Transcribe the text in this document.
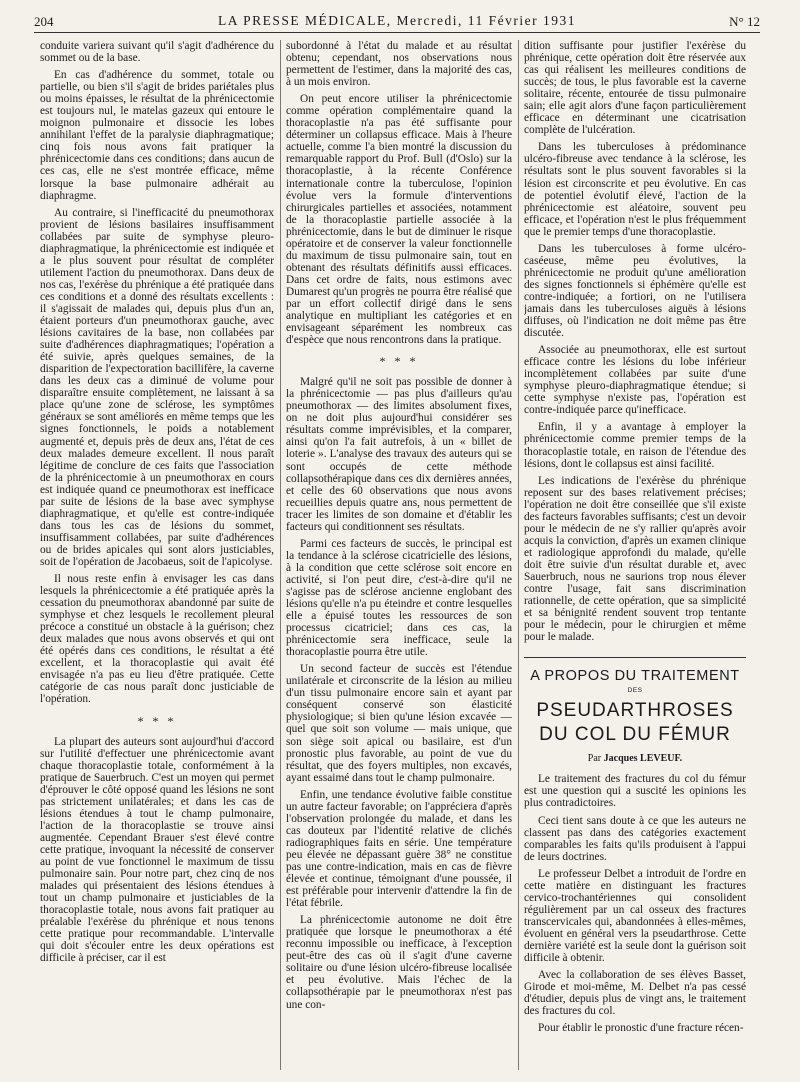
204	LA PRESSE MÉDICALE, Mercredi, 11 Février 1931	N° 12

conduite variera suivant qu'il s'agit d'adhérence du sommet ou de la base.

En cas d'adhérence du sommet, totale ou partielle, ou bien s'il s'agit de brides pariétales plus ou moins épaisses, le résultat de la phrénicectomie est toujours nul, le matelas gazeux qui entoure le moignon pulmonaire et dissocie les lobes annihilant l'effet de la paralysie diaphragmatique; cinq fois nous avons fait pratiquer la phrénicectomie dans ces conditions; dans aucun de ces cas, elle ne s'est montrée efficace, même lorsque la base pulmonaire adhérait au diaphragme.

Au contraire, si l'inefficacité du pneumothorax provient de lésions basilaires insuffisamment collabées par suite de symphyse pleuro-diaphragmatique, la phrénicectomie est indiquée et a le plus souvent pour résultat de compléter utilement l'action du pneumothorax. Dans deux de nos cas, l'exérèse du phrénique a été pratiquée dans ces conditions et a donné des résultats excellents : il s'agissait de malades qui, depuis plus d'un an, étaient porteurs d'un pneumothorax gauche, avec lésions cavitaires de la base, non collabées par suite d'adhérences diaphragmatiques; l'opération a été suivie, après quelques semaines, de la disparition de l'expectoration bacillifère, la caverne dans les deux cas a diminué de volume pour disparaître ensuite complètement, ne laissant à sa place qu'une zone de sclérose, les symptômes généraux se sont améliorés en même temps que les signes fonctionnels, le poids a notablement augmenté et, depuis près de deux ans, l'état de ces deux malades demeure excellent. Il nous paraît légitime de conclure de ces faits que l'association de la phrénicectomie à un pneumothorax en cours est indiquée quand ce pneumothorax est inefficace par suite de lésions de la base avec symphyse diaphragmatique, et qu'elle est contre-indiquée dans tous les cas de lésions du sommet, insuffisamment collabées, par suite d'adhérences ou de brides apicales qui sont alors justiciables, soit de l'opération de Jacobaeus, soit de l'apicolyse.

Il nous reste enfin à envisager les cas dans lesquels la phrénicectomie a été pratiquée après la cessation du pneumothorax abandonné par suite de symphyse et chez lesquels le recollement pleural précoce a constitué un obstacle à la guérison; chez deux malades que nous avons observés et qui ont été opérés dans ces conditions, le résultat a été excellent, et la thoracoplastie qui avait été envisagée n'a pas eu lieu d'être pratiquée. Cette catégorie de cas nous paraît donc justiciable de l'opération.

* * *

La plupart des auteurs sont aujourd'hui d'accord sur l'utilité d'effectuer une phrénicectomie avant chaque thoracoplastie totale, conformément à la pratique de Sauerbruch. C'est un moyen qui permet d'éprouver le côté opposé quand les lésions ne sont pas strictement unilatérales; et dans les cas de lésions étendues à tout le champ pulmonaire, l'action de la thoracoplastie se trouve ainsi augmentée. Cependant Brauer s'est élevé contre cette pratique, invoquant la nécessité de conserver au point de vue fonctionnel le maximum de tissu pulmonaire sain. Pour notre part, chez cinq de nos malades qui présentaient des lésions étendues à tout un champ pulmonaire et justiciables de la thoracoplastie totale, nous avons fait pratiquer au préalable l'exérèse du phrénique et nous tenons cette pratique pour recommandable. L'intervalle qui doit s'écouler entre les deux opérations est difficile à préciser, car il est

subordonné à l'état du malade et au résultat obtenu; cependant, nos observations nous permettent de l'estimer, dans la majorité des cas, à un mois environ.

On peut encore utiliser la phrénicectomie comme opération complémentaire quand la thoracoplastie n'a pas été suffisante pour déterminer un collapsus efficace. Mais à l'heure actuelle, comme l'a bien montré la discussion du remarquable rapport du Prof. Bull (d'Oslo) sur la thoracoplastie, à la récente Conférence internationale contre la tuberculose, l'opinion évolue vers la formule d'interventions chirurgicales partielles et associées, notamment de la thoracoplastie partielle associée à la phrénicectomie, dans le but de diminuer le risque opératoire et de conserver la valeur fonctionnelle du maximum de tissu pulmonaire sain, tout en obtenant des résultats définitifs aussi efficaces. Dans cet ordre de faits, nous estimons avec Dumarest qu'un progrès ne pourra être réalisé que par un effort collectif dirigé dans le sens analytique en multipliant les catégories et en envisageant séparément les nombreux cas d'espèce que nous rencontrons dans la pratique.

* * *

Malgré qu'il ne soit pas possible de donner à la phrénicectomie — pas plus d'ailleurs qu'au pneumothorax — des limites absolument fixes, on ne doit plus aujourd'hui considérer ses résultats comme imprévisibles, et la comparer, ainsi qu'on l'a fait autrefois, à un « billet de loterie ». L'analyse des travaux des auteurs qui se sont occupés de cette méthode collapsothérapique dans ces dix dernières années, et celle des 60 observations que nous avons recueillies depuis quatre ans, nous permettent de tracer les limites de son domaine et d'établir les facteurs qui conditionnent ses résultats.

Parmi ces facteurs de succès, le principal est la tendance à la sclérose cicatricielle des lésions, à la condition que cette sclérose soit encore en activité, si l'on peut dire, c'est-à-dire qu'il ne s'agisse pas de sclérose ancienne englobant des lésions qu'elle n'a pu éteindre et contre lesquelles elle a épuisé toutes les ressources de son processus cicatriciel; dans ces cas, la phrénicectomie sera inefficace, seule la thoracoplastie pourra être utile.

Un second facteur de succès est l'étendue unilatérale et circonscrite de la lésion au milieu d'un tissu pulmonaire encore sain et ayant par conséquent conservé son élasticité physiologique; si bien qu'une lésion excavée — quel que soit son volume — mais unique, que son siège soit apical ou basilaire, est d'un pronostic plus favorable, au point de vue du résultat, que des foyers multiples, non excavés, ayant essaimé dans tout le champ pulmonaire.

Enfin, une tendance évolutive faible constitue un autre facteur favorable; on l'appréciera d'après l'observation prolongée du malade, et dans les cas douteux par l'identité relative de clichés radiographiques faits en série. Une température peu élevée ne dépassant guère 38° ne constitue pas une contre-indication, mais en cas de fièvre élevée et continue, témoignant d'une poussée, il est préférable pour intervenir d'attendre la fin de l'état fébrile.

La phrénicectomie autonome ne doit être pratiquée que lorsque le pneumothorax a été reconnu impossible ou inefficace, à l'exception peut-être des cas où il s'agit d'une caverne solitaire ou d'une lésion ulcéro-fibreuse localisée et peu évolutive. Mais l'échec de la collapsothérapie par le pneumothorax n'est pas une con-

dition suffisante pour justifier l'exérèse du phrénique, cette opération doit être réservée aux cas qui réalisent les meilleures conditions de succès; de tous, le plus favorable est la caverne solitaire, récente, entourée de tissu pulmonaire sain; elle agit alors d'une façon particulièrement efficace en déterminant une cicatrisation complète de l'ulcération.

Dans les tuberculoses à prédominance ulcéro-fibreuse avec tendance à la sclérose, les résultats sont le plus souvent favorables si la lésion est circonscrite et peu évolutive. En cas de potentiel évolutif élevé, l'action de la phrénicectomie est aléatoire, souvent peu efficace, et l'opération n'est le plus fréquemment que le premier temps d'une thoracoplastie.

Dans les tuberculoses à forme ulcéro-caséeuse, même peu évolutives, la phrénicectomie ne produit qu'une amélioration des signes fonctionnels si éphémère qu'elle est contre-indiquée; a fortiori, on ne l'utilisera jamais dans les tuberculoses aiguës à lésions diffuses, où l'indication ne doit même pas être discutée.

Associée au pneumothorax, elle est surtout efficace contre les lésions du lobe inférieur incomplètement collabées par suite d'une symphyse pleuro-diaphragmatique étendue; si cette symphyse n'existe pas, l'opération est contre-indiquée parce qu'inefficace.

Enfin, il y a avantage à employer la phrénicectomie comme premier temps de la thoracoplastie totale, en raison de l'étendue des lésions, dont le collapsus est ainsi facilité.

Les indications de l'exérèse du phrénique reposent sur des bases relativement précises; l'opération ne doit être conseillée que s'il existe des facteurs favorables suffisants; c'est un devoir pour le médecin de ne s'y rallier qu'après avoir acquis la conviction, d'après un examen clinique et radiologique approfondi du malade, qu'elle doit être suivie d'un résultat durable et, avec Sauerbruch, nous ne saurions trop nous élever contre l'usage, fait sans discrimination rationnelle, de cette opération, que sa simplicité et sa bénignité rendent souvent trop tentante pour le médecin, pour le chirurgien et même pour le malade.

A PROPOS DU TRAITEMENT
DES
PSEUDARTHROSES
DU COL DU FÉMUR
Par Jacques LEVEUF.

Le traitement des fractures du col du fémur est une question qui a suscité les opinions les plus contradictoires.

Ceci tient sans doute à ce que les auteurs ne classent pas dans des catégories exactement comparables les faits qu'ils produisent à l'appui de leurs doctrines.

Le professeur Delbet a introduit de l'ordre en cette matière en distinguant les fractures cervico-trochantériennes qui consolident régulièrement par un cal osseux des fractures transcervicales qui, abandonnées à elles-mêmes, évoluent en général vers la pseudarthrose. Cette dernière variété est la seule dont la guérison soit difficile à obtenir.

Avec la collaboration de ses élèves Basset, Girode et moi-même, M. Delbet n'a pas cessé d'étudier, depuis plus de vingt ans, le traitement des fractures du col.

Pour établir le pronostic d'une fracture récen-
